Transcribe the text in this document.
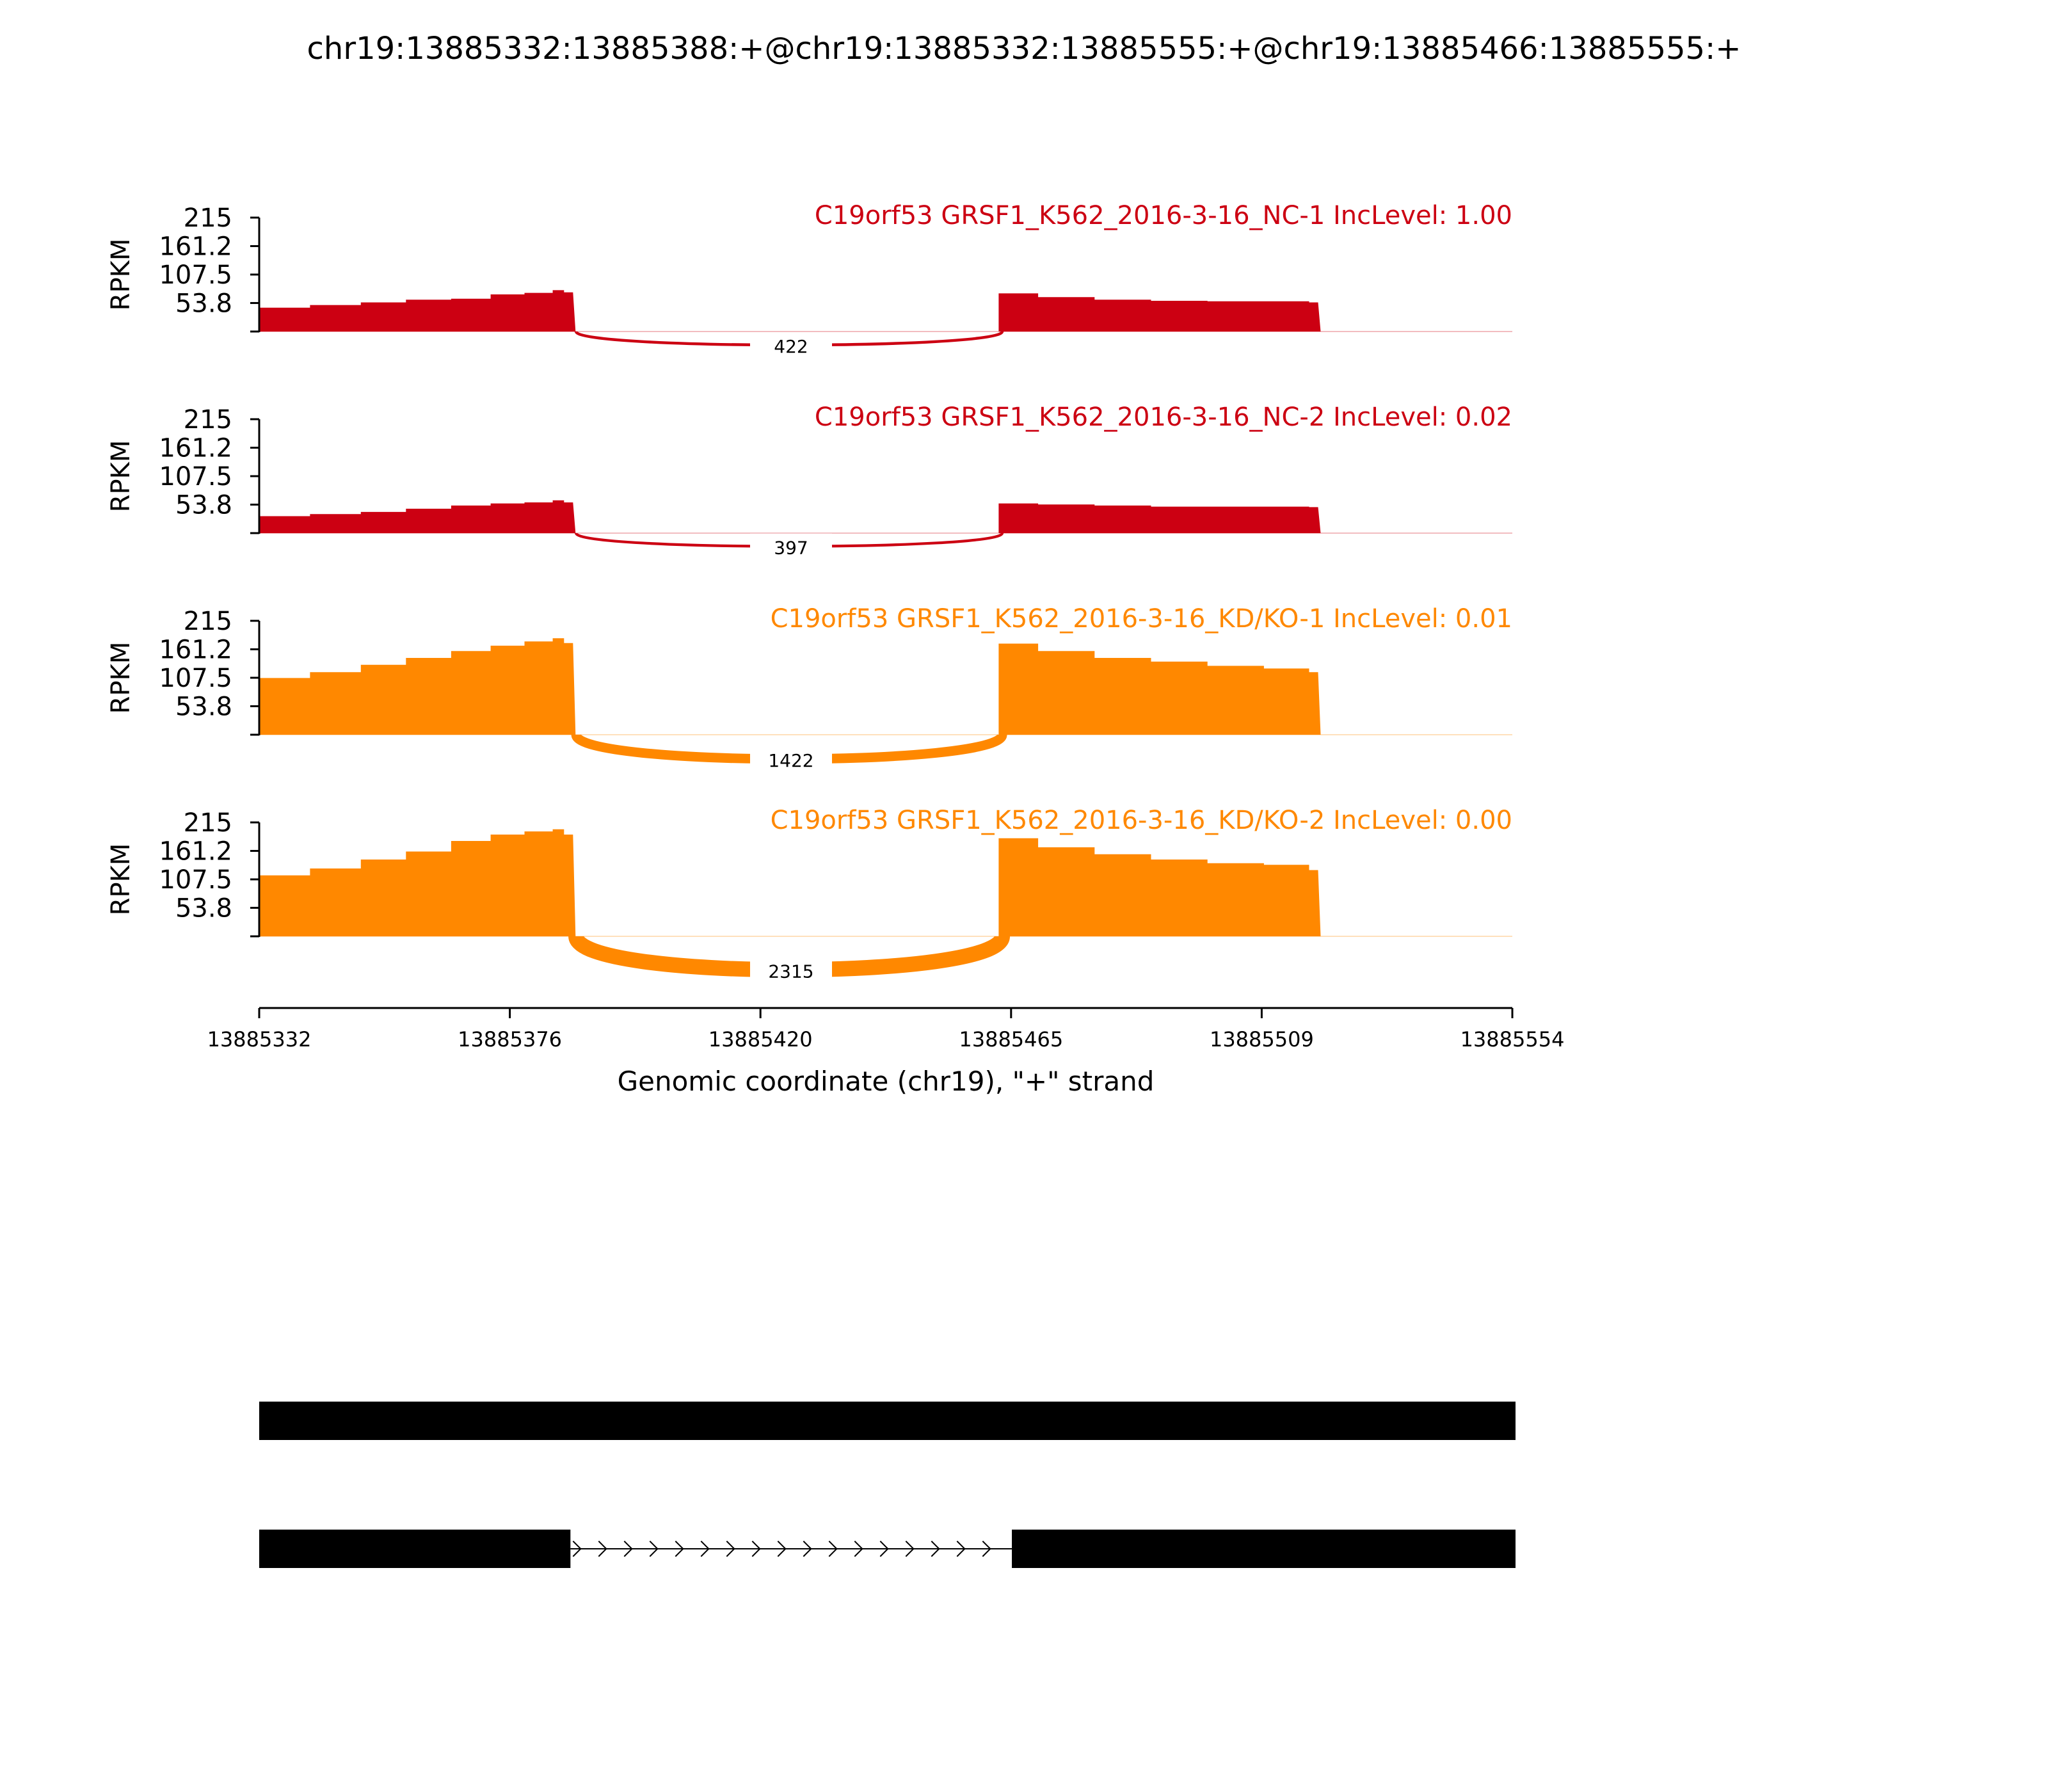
chr19:13885332:13885388:+@chr19:13885332:13885555:+@chr19:13885466:13885555:+
422
215
161.2
107.5
53.8
RPKM
C19orf53 GRSF1_K562_2016-3-16_NC-1 IncLevel: 1.00
397
215
161.2
107.5
53.8
RPKM
C19orf53 GRSF1_K562_2016-3-16_NC-2 IncLevel: 0.02
1422
215
161.2
107.5
53.8
RPKM
C19orf53 GRSF1_K562_2016-3-16_KD/KO-1 IncLevel: 0.01
2315
215
161.2
107.5
53.8
RPKM
C19orf53 GRSF1_K562_2016-3-16_KD/KO-2 IncLevel: 0.00
13885332	13885376	13885420	13885465	13885509	13885554
Genomic coordinate (chr19), "+" strand
